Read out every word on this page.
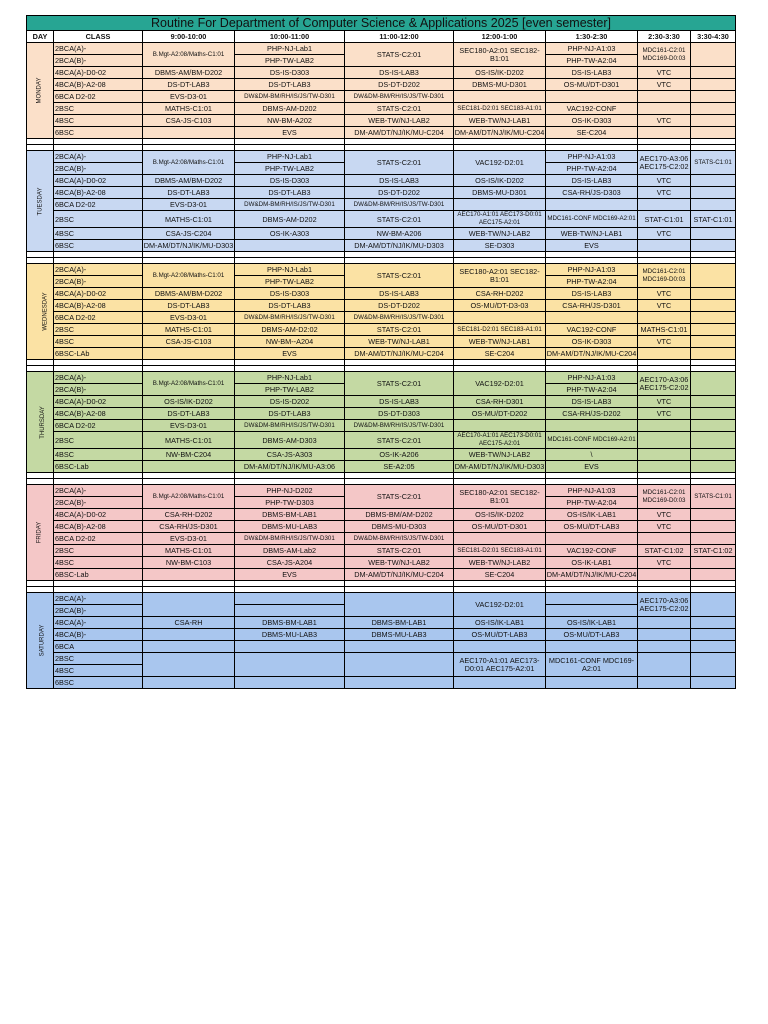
Routine For Department of Computer Science & Applications 2025 [even semester]								
DAY	CLASS	9:00-10:00	10:00-11:00	11:00-12:00	12:00-1:00	1:30-2:30	2:30-3:30	3:30-4:30
MONDAY	2BCA(A)-	B.Mgt-A2:08/Maths-C1:01	PHP-NJ-Lab1	STATS-C2:01	SEC180-A2:01 SEC182-B1:01	PHP-NJ-A1:03	MDC161-C2:01 MDC169-D0:03	
	2BCA(B)-		PHP-TW-LAB2			PHP-TW-A2:04		
	4BCA(A)-D0-02	DBMS-AM/BM-D202	DS-IS-D303	DS-IS-LAB3	OS-IS/IK-D202	DS-IS-LAB3	VTC	
	4BCA(B)-A2-08	DS-DT-LAB3	DS-DT-LAB3	DS-DT-D202	DBMS-MU-D301	OS-MU/DT-D301	VTC	
	6BCA D2-02	EVS-D3-01	DW&DM-BM/RH/IS/JS/TW-D301	DW&DM-BM/RH/IS/JS/TW-D301				
	2BSC	MATHS-C1:01	DBMS-AM-D202	STATS-C2:01	SEC181-D2:01 SEC183-A1:01	VAC192-CONF		
	4BSC	CSA-JS-C103	NW-BM-A202	WEB-TW/NJ-LAB2	WEB-TW/NJ-LAB1	OS-IK-D303	VTC	
	6BSC		EVS	DM-AM/DT/NJ/IK/MU-C204	DM-AM/DT/NJ/IK/MU-C204	SE-C204		

TUESDAY	2BCA(A)-	B.Mgt-A2:08/Maths-C1:01	PHP-NJ-Lab1	STATS-C2:01	VAC192-D2:01	PHP-NJ-A1:03	AEC170-A3:06 AEC175-C2:02	STATS-C1:01
	2BCA(B)-		PHP-TW-LAB2			PHP-TW-A2:04		
	4BCA(A)-D0-02	DBMS-AM/BM-D202	DS-IS-D303	DS-IS-LAB3	OS-IS/IK-D202	DS-IS-LAB3	VTC	
	4BCA(B)-A2-08	DS-DT-LAB3	DS-DT-LAB3	DS-DT-D202	DBMS-MU-D301	CSA-RH/JS-D303	VTC	
	6BCA D2-02	EVS-D3-01	DW&DM-BM/RH/IS/JS/TW-D301	DW&DM-BM/RH/IS/JS/TW-D301				
	2BSC	MATHS-C1:01	DBMS-AM-D202	STATS-C2:01	AEC170-A1:01 AEC173-D0:01 AEC175-A2:01	MDC161-CONF MDC169-A2:01	STAT-C1:01	STAT-C1:01
	4BSC	CSA-JS-C204	OS-IK-A303	NW-BM-A206	WEB-TW/NJ-LAB2	WEB-TW/NJ-LAB1	VTC	
	6BSC	DM-AM/DT/NJ/IK/MU-D303		DM-AM/DT/NJ/IK/MU-D303	SE-D303	EVS		

WEDNESDAY	2BCA(A)-	B.Mgt-A2:08/Maths-C1:01	PHP-NJ-Lab1	STATS-C2:01	SEC180-A2:01 SEC182-B1:01	PHP-NJ-A1:03	MDC161-C2:01 MDC169-D0:03	
	2BCA(B)-		PHP-TW-LAB2			PHP-TW-A2:04		
	4BCA(A)-D0-02	DBMS-AM/BM-D202	DS-IS-D303	DS-IS-LAB3	CSA-RH-D202	DS-IS-LAB3	VTC	
	4BCA(B)-A2-08	DS-DT-LAB3	DS-DT-LAB3	DS-DT-D202	OS-MU/DT-D3-03	CSA-RH/JS-D301	VTC	
	6BCA D2-02	EVS-D3-01	DW&DM-BM/RH/IS/JS/TW-D301	DW&DM-BM/RH/IS/JS/TW-D301				
	2BSC	MATHS-C1:01	DBMS-AM-D2:02	STATS-C2:01	SEC181-D2:01 SEC183-A1:01	VAC192-CONF	MATHS-C1:01	
	4BSC	CSA-JS-C103	NW-BM--A204	WEB-TW/NJ-LAB1	WEB-TW/NJ-LAB1	OS-IK-D303	VTC	
	6BSC-LAb		EVS	DM-AM/DT/NJ/IK/MU-C204	SE-C204	DM-AM/DT/NJ/IK/MU-C204		

THURSDAY	2BCA(A)-	B.Mgt-A2:08/Maths-C1:01	PHP-NJ-Lab1	STATS-C2:01	VAC192-D2:01	PHP-NJ-A1:03	AEC170-A3:06 AEC175-C2:02	
	2BCA(B)-		PHP-TW-LAB2			PHP-TW-A2:04		
	4BCA(A)-D0-02	OS-IS/IK-D202	DS-IS-D202	DS-IS-LAB3	CSA-RH-D301	DS-IS-LAB3	VTC	
	4BCA(B)-A2-08	DS-DT-LAB3	DS-DT-LAB3	DS-DT-D303	OS-MU/DT-D202	CSA-RH/JS-D202	VTC	
	6BCA D2-02	EVS-D3-01	DW&DM-BM/RH/IS/JS/TW-D301	DW&DM-BM/RH/IS/JS/TW-D301				
	2BSC	MATHS-C1:01	DBMS-AM-D303	STATS-C2:01	AEC170-A1:01 AEC173-D0:01 AEC175-A2:01	MDC161-CONF MDC169-A2:01		
	4BSC	NW-BM-C204	CSA-JS-A303	OS-IK-A206	WEB-TW/NJ-LAB2	\		
	6BSC-Lab		DM-AM/DT/NJ/IK/MU-A3:06	SE-A2:05	DM-AM/DT/NJ/IK/MU-D303	EVS		

FRIDAY	2BCA(A)-	B.Mgt-A2:08/Maths-C1:01	PHP-NJ-D202	STATS-C2:01	SEC180-A2:01 SEC182-B1:01	PHP-NJ-A1:03	MDC161-C2:01 MDC169-D0:03	STATS-C1:01
	2BCA(B)-		PHP-TW-D303			PHP-TW-A2:04		
	4BCA(A)-D0-02	CSA-RH-D202	DBMS-BM-LAB1	DBMS-BM/AM-D202	OS-IS/IK-D202	OS-IS/IK-LAB1	VTC	
	4BCA(B)-A2-08	CSA-RH/JS-D301	DBMS-MU-LAB3	DBMS-MU-D303	OS-MU/DT-D301	OS-MU/DT-LAB3	VTC	
	6BCA D2-02	EVS-D3-01	DW&DM-BM/RH/IS/JS/TW-D301	DW&DM-BM/RH/IS/JS/TW-D301				
	2BSC	MATHS-C1:01	DBMS-AM-Lab2	STATS-C2:01	SEC181-D2:01 SEC183-A1:01	VAC192-CONF	STAT-C1:02	STAT-C1:02
	4BSC	NW-BM-C103	CSA-JS-A204	WEB-TW/NJ-LAB2	WEB-TW/NJ-LAB2	OS-IK-LAB1	VTC	
	6BSC-Lab		EVS	DM-AM/DT/NJ/IK/MU-C204	SE-C204	DM-AM/DT/NJ/IK/MU-C204		

SATURDAY	2BCA(A)-				VAC192-D2:01		AEC170-A3:06 AEC175-C2:02	
	2BCA(B)-							
	4BCA(A)-	CSA-RH	DBMS-BM-LAB1	DBMS-BM-LAB1	OS-IS/IK-LAB1	OS-IS/IK-LAB1		
	4BCA(B)-		DBMS-MU-LAB3	DBMS-MU-LAB3	OS-MU/DT-LAB3	OS-MU/DT-LAB3		
	6BCA							
	2BSC				AEC170-A1:01 AEC173-D0:01 AEC175-A2:01	MDC161-CONF MDC169-A2:01		
	4BSC							
	6BSC							
